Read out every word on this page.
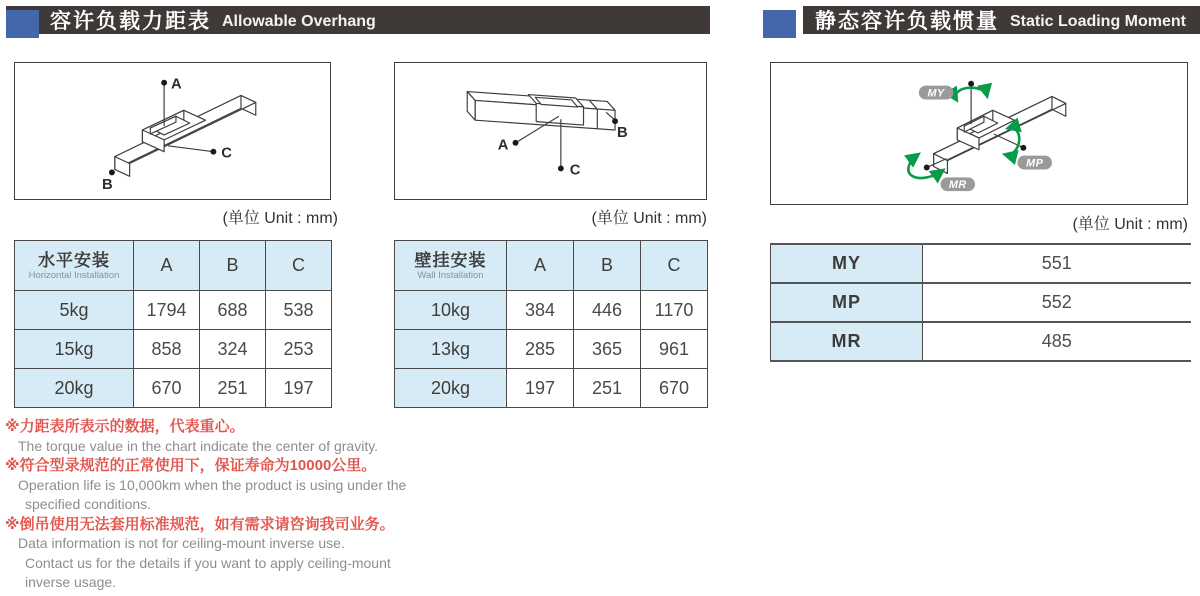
容许负载力距表 Allowable Overhang	静态容许负载惯量 Static Loading Moment
A
C
B
(单位 Unit : mm)
A
B
C
(单位 Unit : mm)
MY
MP
MR
(单位 Unit : mm)
水平安装
Horizontal Installation	A	B	C
5kg	1794	688	538
15kg	858	324	253
20kg	670	251	197
壁挂安装
Wall Installation	A	B	C
10kg	384	446	1170
13kg	285	365	961
20kg	197	251	670
MY	551
MP	552
MR	485
※力距表所表示的数据，代表重心。
The torque value in the chart indicate the center of gravity.
※符合型录规范的正常使用下，保证寿命为10000公里。
Operation life is 10,000km when the product is using under the
specified conditions.
※倒吊使用无法套用标准规范，如有需求请咨询我司业务。
Data information is not for ceiling-mount inverse use.
Contact us for the details if you want to apply ceiling-mount
inverse usage.
